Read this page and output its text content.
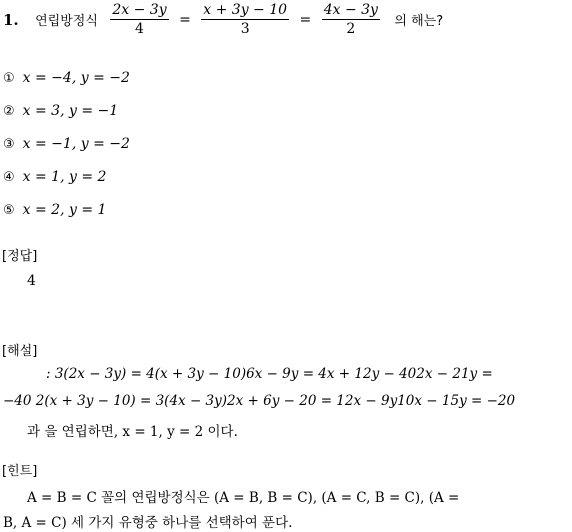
1. 연립방정식 $\frac{2x - 3y}{4} = \frac{x + 3y - 10}{3} = \frac{4x - 3y}{2}$ 의 해는?
① x = −4, y = −2
② x = 3, y = −1
③ x = −1, y = −2
④ x = 1, y = 2
⑤ x = 2, y = 1
[정답]
4
[해설]
: 3(2x − 3y) = 4(x + 3y − 10)6x − 9y = 4x + 12y − 402x − 21y =
−40 2(x + 3y − 10) = 3(4x − 3y)2x + 6y − 20 = 12x − 9y10x − 15y = −20
과 을 연립하면, x = 1, y = 2 이다.
[힌트]
A = B = C 꼴의 연립방정식은 (A = B, B = C), (A = C, B = C), (A =
B, A = C) 세 가지 유형중 하나를 선택하여 푼다.
